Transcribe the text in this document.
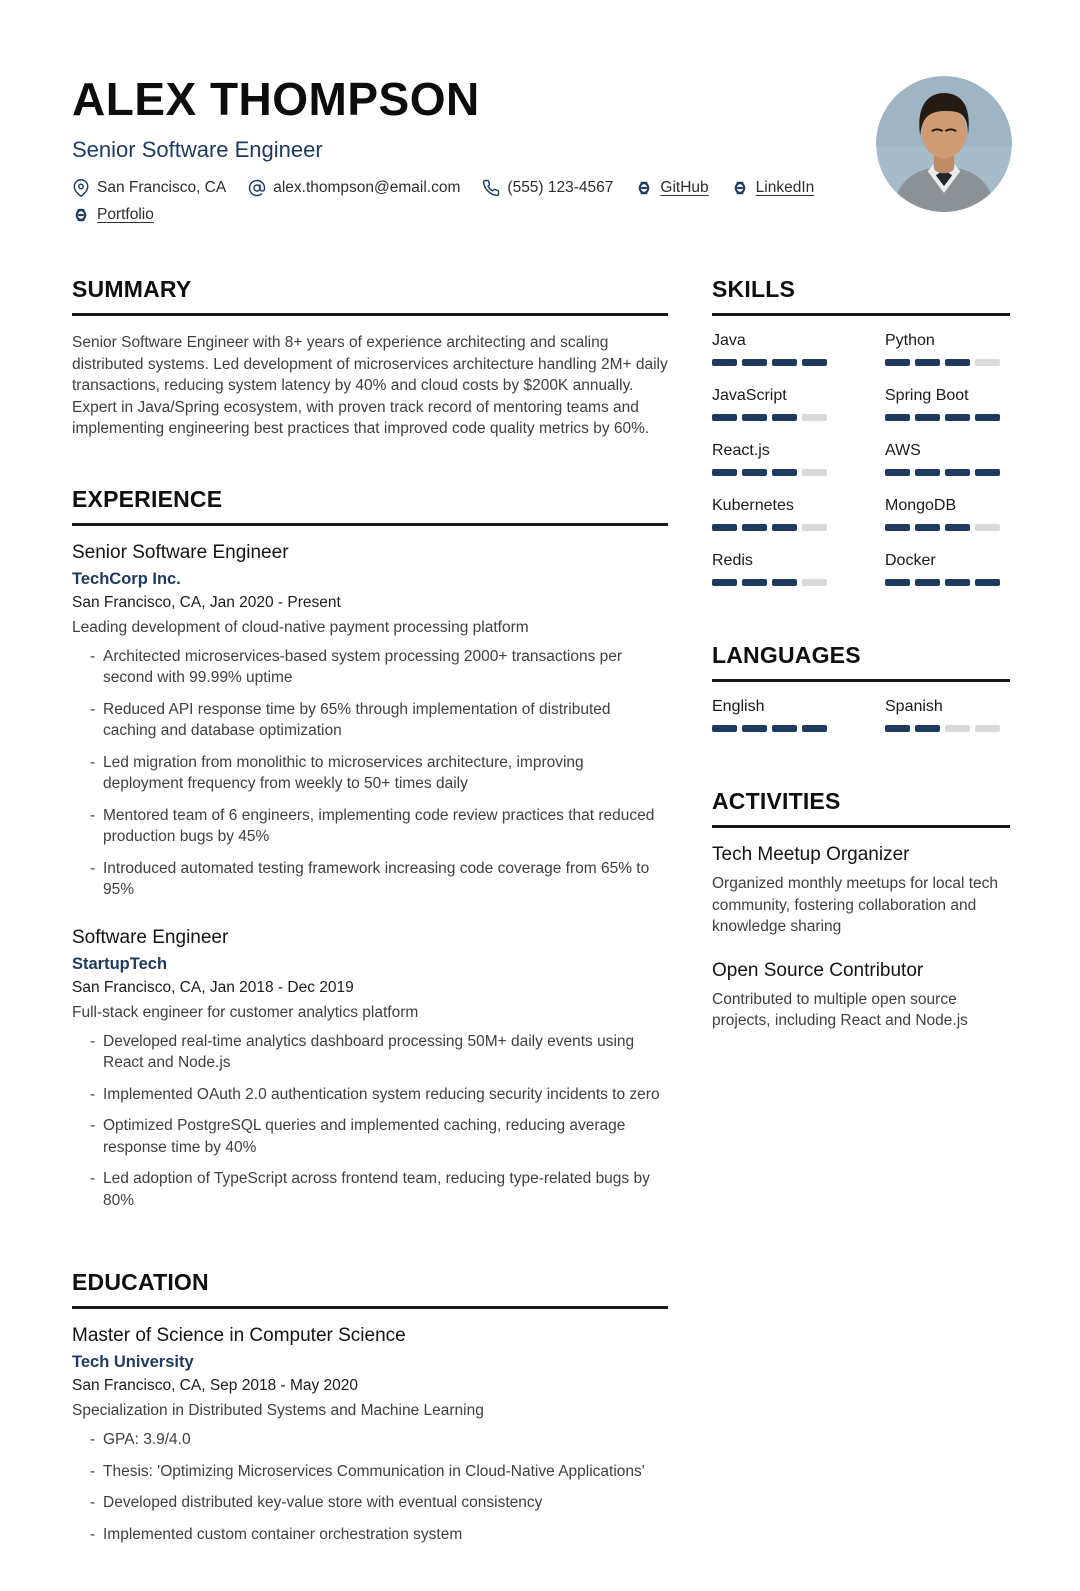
ALEX THOMPSON
Senior Software Engineer
San Francisco, CA	alex.thompson@email.com	(555) 123-4567	GitHub	LinkedIn
Portfolio
SUMMARY

Senior Software Engineer with 8+ years of experience architecting and scaling distributed systems. Led development of microservices architecture handling 2M+ daily transactions, reducing system latency by 40% and cloud costs by $200K annually. Expert in Java/Spring ecosystem, with proven track record of mentoring teams and implementing engineering best practices that improved code quality metrics by 60%.

EXPERIENCE
Senior Software Engineer
TechCorp Inc.
San Francisco, CA, Jan 2020 - Present
Leading development of cloud-native payment processing platform
- Architected microservices-based system processing 2000+ transactions per second with 99.99% uptime
- Reduced API response time by 65% through implementation of distributed caching and database optimization
- Led migration from monolithic to microservices architecture, improving deployment frequency from weekly to 50+ times daily
- Mentored team of 6 engineers, implementing code review practices that reduced production bugs by 45%
- Introduced automated testing framework increasing code coverage from 65% to 95%
Software Engineer
StartupTech
San Francisco, CA, Jan 2018 - Dec 2019
Full-stack engineer for customer analytics platform
- Developed real-time analytics dashboard processing 50M+ daily events using React and Node.js
- Implemented OAuth 2.0 authentication system reducing security incidents to zero
- Optimized PostgreSQL queries and implemented caching, reducing average response time by 40%
- Led adoption of TypeScript across frontend team, reducing type-related bugs by 80%
EDUCATION
Master of Science in Computer Science
Tech University
San Francisco, CA, Sep 2018 - May 2020
Specialization in Distributed Systems and Machine Learning
- GPA: 3.9/4.0
- Thesis: 'Optimizing Microservices Communication in Cloud-Native Applications'
- Developed distributed key-value store with eventual consistency
- Implemented custom container orchestration system
SKILLS
Java	Python
JavaScript	Spring Boot
React.js	AWS
Kubernetes	MongoDB
Redis	Docker
LANGUAGES
English	Spanish
ACTIVITIES
Tech Meetup Organizer
Organized monthly meetups for local tech community, fostering collaboration and knowledge sharing
Open Source Contributor
Contributed to multiple open source projects, including React and Node.js
